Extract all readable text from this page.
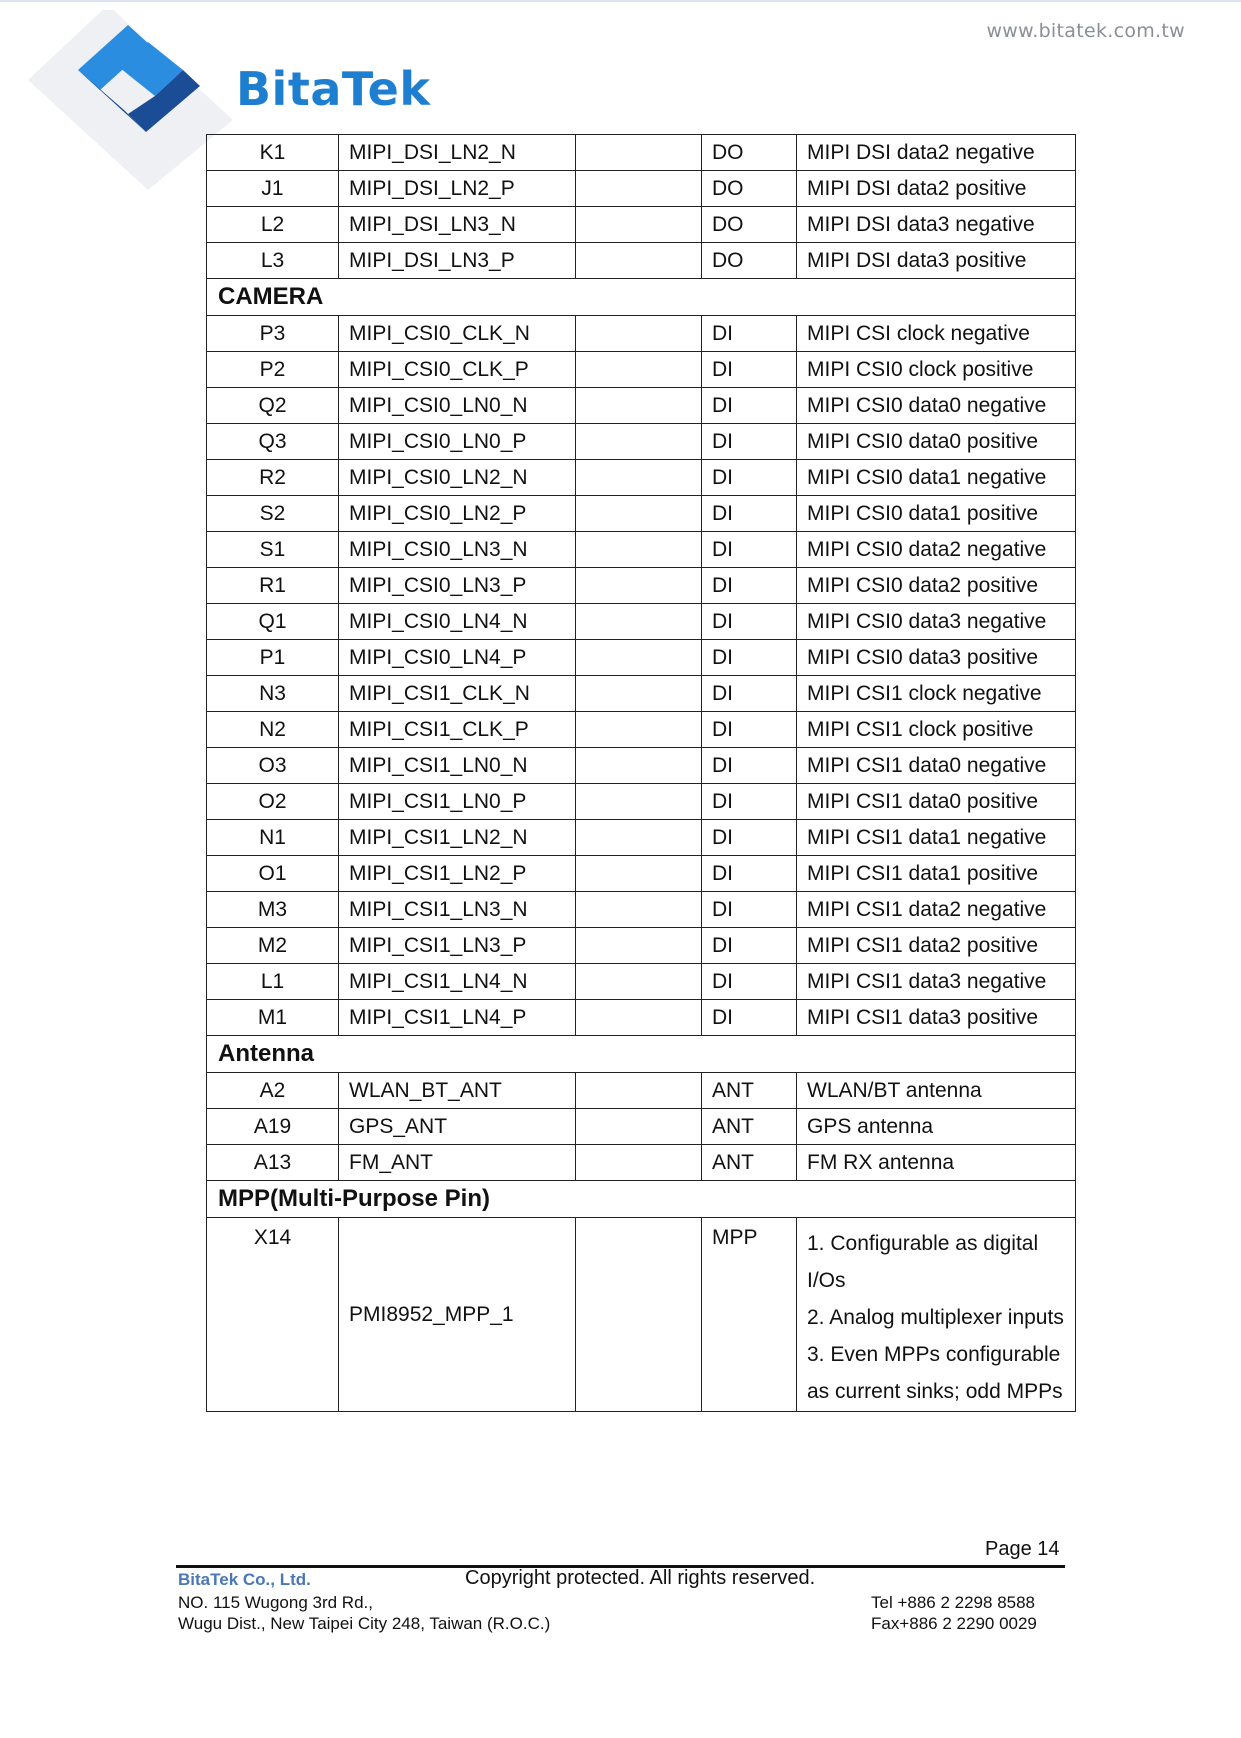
BitaTek
www.bitatek.com.tw
K1	MIPI_DSI_LN2_N		DO	MIPI DSI data2 negative

J1	MIPI_DSI_LN2_P		DO	MIPI DSI data2 positive

L2	MIPI_DSI_LN3_N		DO	MIPI DSI data3 negative

L3	MIPI_DSI_LN3_P		DO	MIPI DSI data3 positive

CAMERA				
P3	MIPI_CSI0_CLK_N		DI	MIPI CSI clock negative

P2	MIPI_CSI0_CLK_P		DI	MIPI CSI0 clock positive

Q2	MIPI_CSI0_LN0_N		DI	MIPI CSI0 data0 negative

Q3	MIPI_CSI0_LN0_P		DI	MIPI CSI0 data0 positive

R2	MIPI_CSI0_LN2_N		DI	MIPI CSI0 data1 negative

S2	MIPI_CSI0_LN2_P		DI	MIPI CSI0 data1 positive

S1	MIPI_CSI0_LN3_N		DI	MIPI CSI0 data2 negative

R1	MIPI_CSI0_LN3_P		DI	MIPI CSI0 data2 positive

Q1	MIPI_CSI0_LN4_N		DI	MIPI CSI0 data3 negative

P1	MIPI_CSI0_LN4_P		DI	MIPI CSI0 data3 positive

N3	MIPI_CSI1_CLK_N		DI	MIPI CSI1 clock negative

N2	MIPI_CSI1_CLK_P		DI	MIPI CSI1 clock positive

O3	MIPI_CSI1_LN0_N		DI	MIPI CSI1 data0 negative

O2	MIPI_CSI1_LN0_P		DI	MIPI CSI1 data0 positive

N1	MIPI_CSI1_LN2_N		DI	MIPI CSI1 data1 negative

O1	MIPI_CSI1_LN2_P		DI	MIPI CSI1 data1 positive

M3	MIPI_CSI1_LN3_N		DI	MIPI CSI1 data2 negative

M2	MIPI_CSI1_LN3_P		DI	MIPI CSI1 data2 positive

L1	MIPI_CSI1_LN4_N		DI	MIPI CSI1 data3 negative

M1	MIPI_CSI1_LN4_P		DI	MIPI CSI1 data3 positive

Antenna				
A2	WLAN_BT_ANT		ANT	WLAN/BT antenna

A19	GPS_ANT		ANT	GPS antenna

A13	FM_ANT		ANT	FM RX antenna

MPP(Multi-Purpose Pin)				
X14	PMI8952_MPP_1		MPP	1. Configurable as digital
I/Os
2. Analog multiplexer inputs
3. Even MPPs configurable
as current sinks; odd MPPs
Page 14
BitaTek Co., Ltd.	Copyright protected. All rights reserved.
NO. 115 Wugong 3rd Rd.,
Wugu Dist., New Taipei City 248, Taiwan (R.O.C.)
Tel +886 2 2298 8588
Fax+886 2 2290 0029
